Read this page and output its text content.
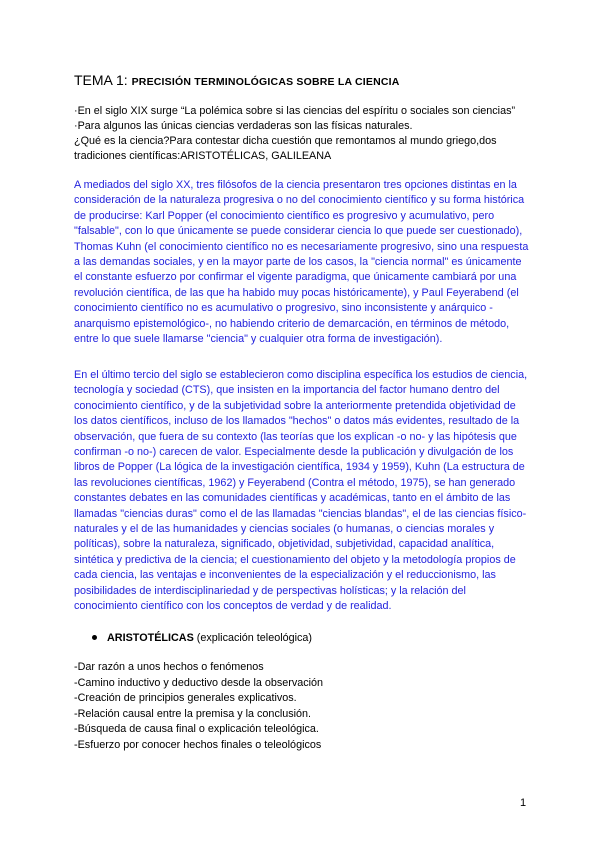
TEMA 1: PRECISIÓN TERMINOLÓGICAS SOBRE LA CIENCIA
·En el siglo XIX surge “La polémica sobre si las ciencias del espíritu o sociales son ciencias”
·Para algunos las únicas ciencias verdaderas son las físicas naturales.
¿Qué es la ciencia?Para contestar dicha cuestión que remontamos al mundo griego,dos
tradiciones científicas:ARISTOTÉLICAS, GALILEANA
A mediados del siglo XX, tres filósofos de la ciencia presentaron tres opciones distintas en la consideración de la naturaleza progresiva o no del conocimiento científico y su forma histórica de producirse: Karl Popper (el conocimiento científico es progresivo y acumulativo, pero "falsable", con lo que únicamente se puede considerar ciencia lo que puede ser cuestionado), Thomas Kuhn (el conocimiento científico no es necesariamente progresivo, sino una respuesta a las demandas sociales, y en la mayor parte de los casos, la "ciencia normal" es únicamente el constante esfuerzo por confirmar el vigente paradigma, que únicamente cambiará por una revolución científica, de las que ha habido muy pocas históricamente), y Paul Feyerabend (el conocimiento científico no es acumulativo o progresivo, sino inconsistente y anárquico -anarquismo epistemológico-, no habiendo criterio de demarcación, en términos de método, entre lo que suele llamarse "ciencia" y cualquier otra forma de investigación).
En el último tercio del siglo se establecieron como disciplina específica los estudios de ciencia, tecnología y sociedad (CTS), que insisten en la importancia del factor humano dentro del conocimiento científico, y de la subjetividad sobre la anteriormente pretendida objetividad de los datos científicos, incluso de los llamados "hechos" o datos más evidentes, resultado de la observación, que fuera de su contexto (las teorías que los explican -o no- y las hipótesis que confirman -o no-) carecen de valor. Especialmente desde la publicación y divulgación de los libros de Popper (La lógica de la investigación científica, 1934 y 1959), Kuhn (La estructura de las revoluciones científicas, 1962) y Feyerabend (Contra el método, 1975), se han generado constantes debates en las comunidades científicas y académicas, tanto en el ámbito de las llamadas "ciencias duras" como el de las llamadas "ciencias blandas", el de las ciencias físico-naturales y el de las humanidades y ciencias sociales (o humanas, o ciencias morales y políticas), sobre la naturaleza, significado, objetividad, subjetividad, capacidad analítica, sintética y predictiva de la ciencia; el cuestionamiento del objeto y la metodología propios de cada ciencia, las ventajas e inconvenientes de la especialización y el reduccionismo, las posibilidades de interdisciplinariedad y de perspectivas holísticas; y la relación del conocimiento científico con los conceptos de verdad y de realidad.
ARISTOTÉLICAS (explicación teleológica)
-Dar razón a unos hechos o fenómenos
-Camino inductivo y deductivo desde la observación
-Creación de principios generales explicativos.
-Relación causal entre la premisa y la conclusión.
-Búsqueda de causa final o explicación teleológica.
-Esfuerzo por conocer hechos finales o teleológicos
1
